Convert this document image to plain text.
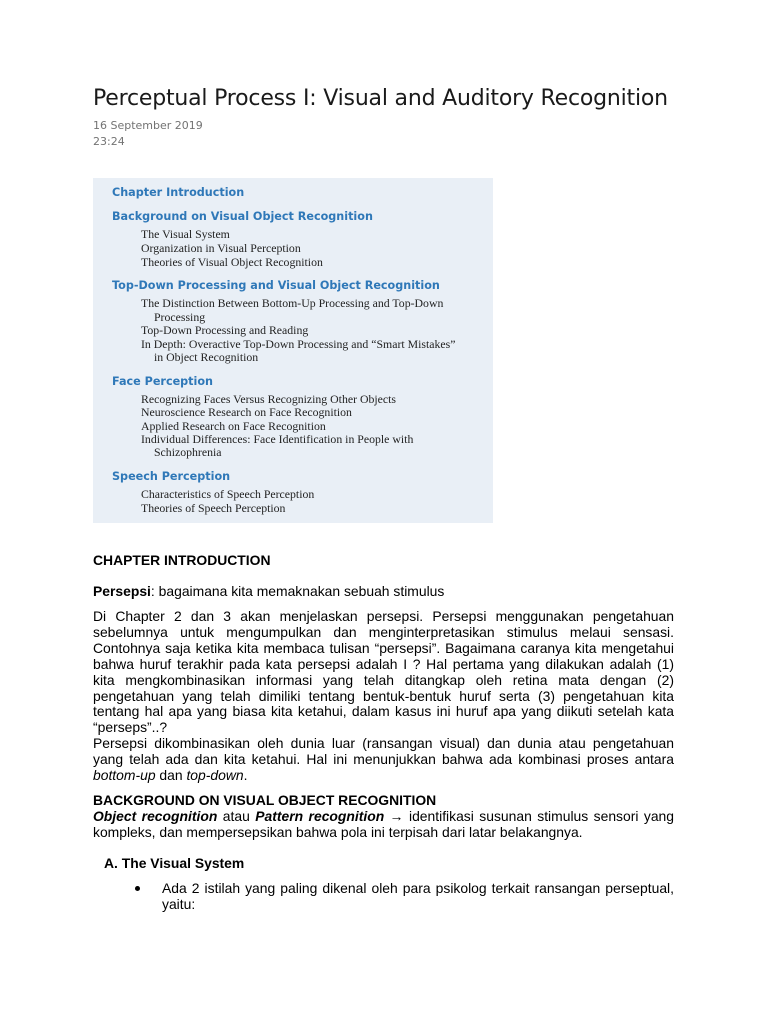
Perceptual Process I: Visual and Auditory Recognition
16 September 2019
23:24
Chapter Introduction
Background on Visual Object Recognition
The Visual System
Organization in Visual Perception
Theories of Visual Object Recognition
Top-Down Processing and Visual Object Recognition
The Distinction Between Bottom-Up Processing and Top-Down
Processing
Top-Down Processing and Reading
In Depth: Overactive Top-Down Processing and “Smart Mistakes”
in Object Recognition
Face Perception
Recognizing Faces Versus Recognizing Other Objects
Neuroscience Research on Face Recognition
Applied Research on Face Recognition
Individual Differences: Face Identification in People with
Schizophrenia
Speech Perception
Characteristics of Speech Perception
Theories of Speech Perception
CHAPTER INTRODUCTION
Persepsi: bagaimana kita memaknakan sebuah stimulus
Di Chapter 2 dan 3 akan menjelaskan persepsi. Persepsi menggunakan pengetahuan
sebelumnya untuk mengumpulkan dan menginterpretasikan stimulus melaui sensasi.
Contohnya saja ketika kita membaca tulisan “persepsi”. Bagaimana caranya kita mengetahui
bahwa huruf terakhir pada kata persepsi adalah I ? Hal pertama yang dilakukan adalah (1)
kita mengkombinasikan informasi yang telah ditangkap oleh retina mata dengan (2)
pengetahuan yang telah dimiliki tentang bentuk-bentuk huruf serta (3) pengetahuan kita
tentang hal apa yang biasa kita ketahui, dalam kasus ini huruf apa yang diikuti setelah kata
“perseps”..?
Persepsi dikombinasikan oleh dunia luar (ransangan visual) dan dunia atau pengetahuan
yang telah ada dan kita ketahui. Hal ini menunjukkan bahwa ada kombinasi proses antara
bottom-up dan top-down.
BACKGROUND ON VISUAL OBJECT RECOGNITION
Object recognition atau Pattern recognition → identifikasi susunan stimulus sensori yang
kompleks, dan mempersepsikan bahwa pola ini terpisah dari latar belakangnya.
A. The Visual System
Ada 2 istilah yang paling dikenal oleh para psikolog terkait ransangan perseptual,
yaitu:
